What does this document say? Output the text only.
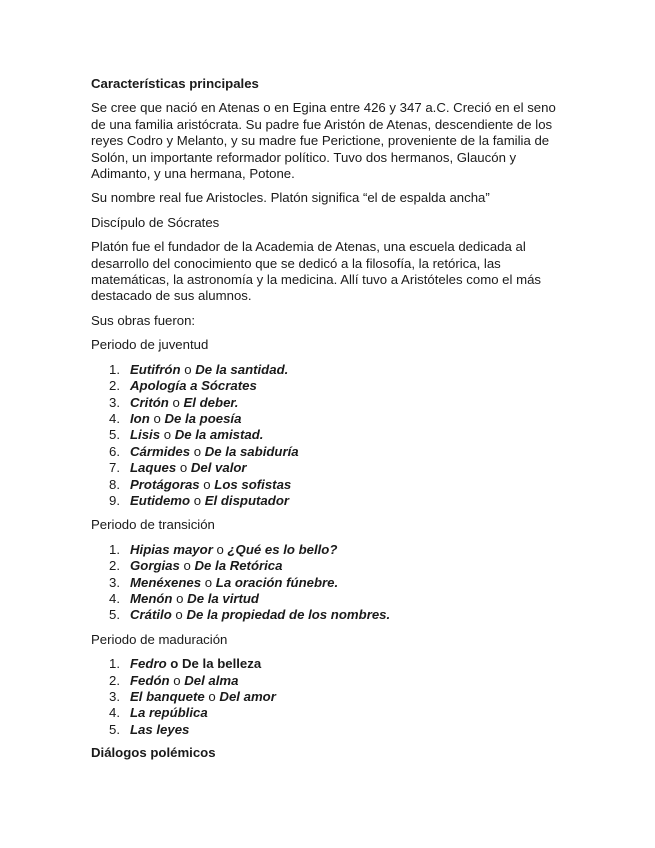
Características principales

Se cree que nació en Atenas o en Egina entre 426 y 347 a.C. Creció en el seno de una familia aristócrata. Su padre fue Aristón de Atenas, descendiente de los reyes Codro y Melanto, y su madre fue Perictione, proveniente de la familia de Solón, un importante reformador político. Tuvo dos hermanos, Glaucón y Adimanto, y una hermana, Potone.

Su nombre real fue Aristocles. Platón significa “el de espalda ancha”

Discípulo de Sócrates

Platón fue el fundador de la Academia de Atenas, una escuela dedicada al desarrollo del conocimiento que se dedicó a la filosofía, la retórica, las matemáticas, la astronomía y la medicina. Allí tuvo a Aristóteles como el más destacado de sus alumnos.

Sus obras fueron:

Periodo de juventud

1. Eutifrón o De la santidad.
2. Apología a Sócrates
3. Critón o El deber.
4. Ion o De la poesía
5. Lisis o De la amistad.
6. Cármides o De la sabiduría
7. Laques o Del valor
8. Protágoras o Los sofistas
9. Eutidemo o El disputador

Periodo de transición

1. Hipias mayor o ¿Qué es lo bello?
2. Gorgias o De la Retórica
3. Menéxenes o La oración fúnebre.
4. Menón o De la virtud
5. Crátilo o De la propiedad de los nombres.

Periodo de maduración

1. Fedro o De la belleza
2. Fedón o Del alma
3. El banquete o Del amor
4. La república
5. Las leyes

Diálogos polémicos
